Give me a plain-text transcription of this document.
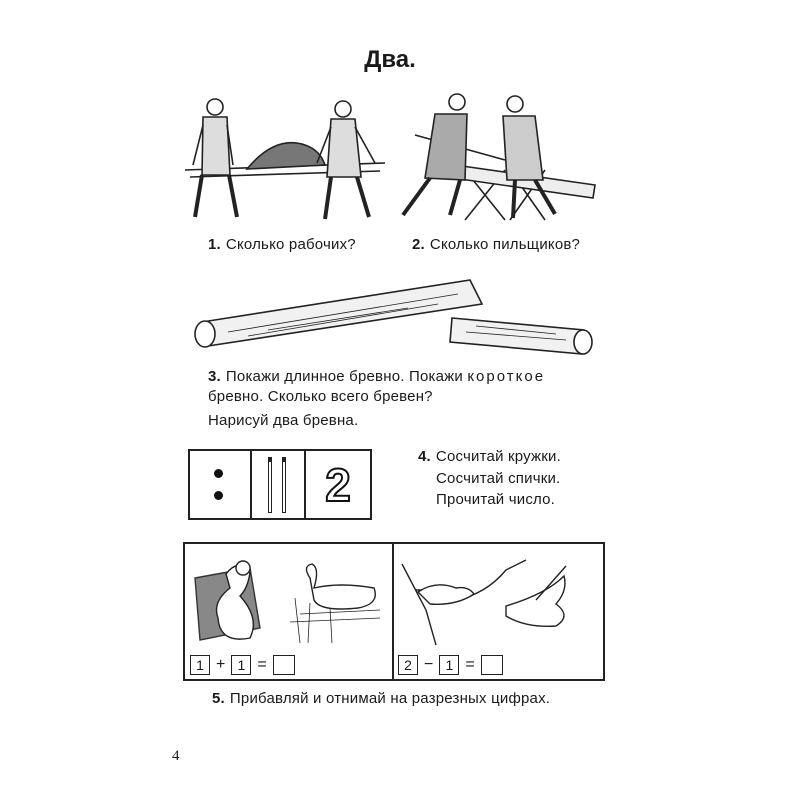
Два.
1. Сколько рабочих?	2. Сколько пильщиков?
3. Покажи длинное бревно. Покажи короткое
бревно. Сколько всего бревен?
Нарисуй два бревна.
2
4. Сосчитай кружки.
Сосчитай спички.
Прочитай число.
1 + 1 =	2 − 1 =
5. Прибавляй и отнимай на разрезных цифрах.
4
